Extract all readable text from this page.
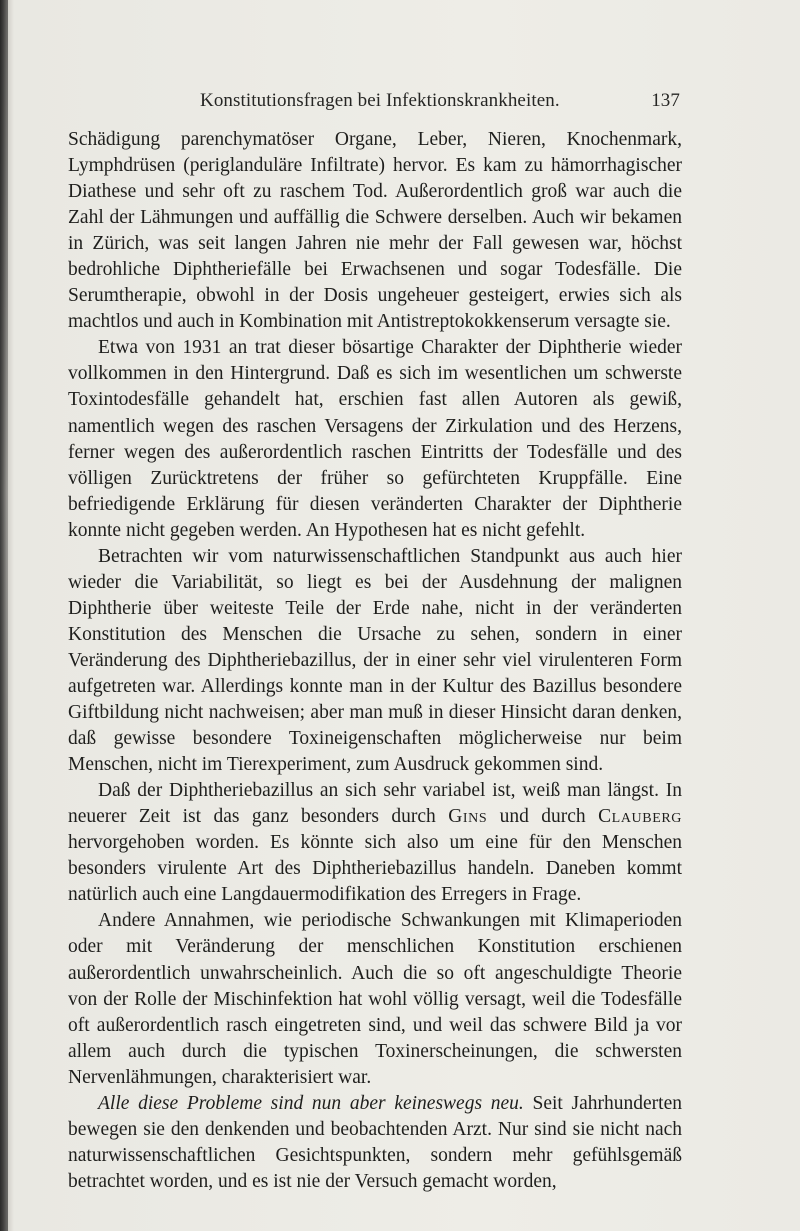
Konstitutionsfragen bei Infektionskrankheiten.	137

Schädigung parenchymatöser Organe, Leber, Nieren, Knochenmark, Lymphdrüsen (periglanduläre Infiltrate) hervor. Es kam zu hämorrhagischer Diathese und sehr oft zu raschem Tod. Außerordentlich groß war auch die Zahl der Lähmungen und auffällig die Schwere derselben. Auch wir bekamen in Zürich, was seit langen Jahren nie mehr der Fall gewesen war, höchst bedrohliche Diphtheriefälle bei Erwachsenen und sogar Todesfälle. Die Serumtherapie, obwohl in der Dosis ungeheuer gesteigert, erwies sich als machtlos und auch in Kombination mit Antistreptokokkenserum versagte sie.

Etwa von 1931 an trat dieser bösartige Charakter der Diphtherie wieder vollkommen in den Hintergrund. Daß es sich im wesentlichen um schwerste Toxintodesfälle gehandelt hat, erschien fast allen Autoren als gewiß, namentlich wegen des raschen Versagens der Zirkulation und des Herzens, ferner wegen des außerordentlich raschen Eintritts der Todesfälle und des völligen Zurücktretens der früher so gefürchteten Kruppfälle. Eine befriedigende Erklärung für diesen veränderten Charakter der Diphtherie konnte nicht gegeben werden. An Hypothesen hat es nicht gefehlt.

Betrachten wir vom naturwissenschaftlichen Standpunkt aus auch hier wieder die Variabilität, so liegt es bei der Ausdehnung der malignen Diphtherie über weiteste Teile der Erde nahe, nicht in der veränderten Konstitution des Menschen die Ursache zu sehen, sondern in einer Veränderung des Diphtheriebazillus, der in einer sehr viel virulenteren Form aufgetreten war. Allerdings konnte man in der Kultur des Bazillus besondere Giftbildung nicht nachweisen; aber man muß in dieser Hinsicht daran denken, daß gewisse besondere Toxineigenschaften möglicherweise nur beim Menschen, nicht im Tierexperiment, zum Ausdruck gekommen sind.

Daß der Diphtheriebazillus an sich sehr variabel ist, weiß man längst. In neuerer Zeit ist das ganz besonders durch Gins und durch Clauberg hervorgehoben worden. Es könnte sich also um eine für den Menschen besonders virulente Art des Diphtheriebazillus handeln. Daneben kommt natürlich auch eine Langdauermodifikation des Erregers in Frage.

Andere Annahmen, wie periodische Schwankungen mit Klimaperioden oder mit Veränderung der menschlichen Konstitution erschienen außerordentlich unwahrscheinlich. Auch die so oft angeschuldigte Theorie von der Rolle der Mischinfektion hat wohl völlig versagt, weil die Todesfälle oft außerordentlich rasch eingetreten sind, und weil das schwere Bild ja vor allem auch durch die typischen Toxinerscheinungen, die schwersten Nervenlähmungen, charakterisiert war.

Alle diese Probleme sind nun aber keineswegs neu. Seit Jahrhunderten bewegen sie den denkenden und beobachtenden Arzt. Nur sind sie nicht nach naturwissenschaftlichen Gesichtspunkten, sondern mehr gefühlsgemäß betrachtet worden, und es ist nie der Versuch gemacht worden,
